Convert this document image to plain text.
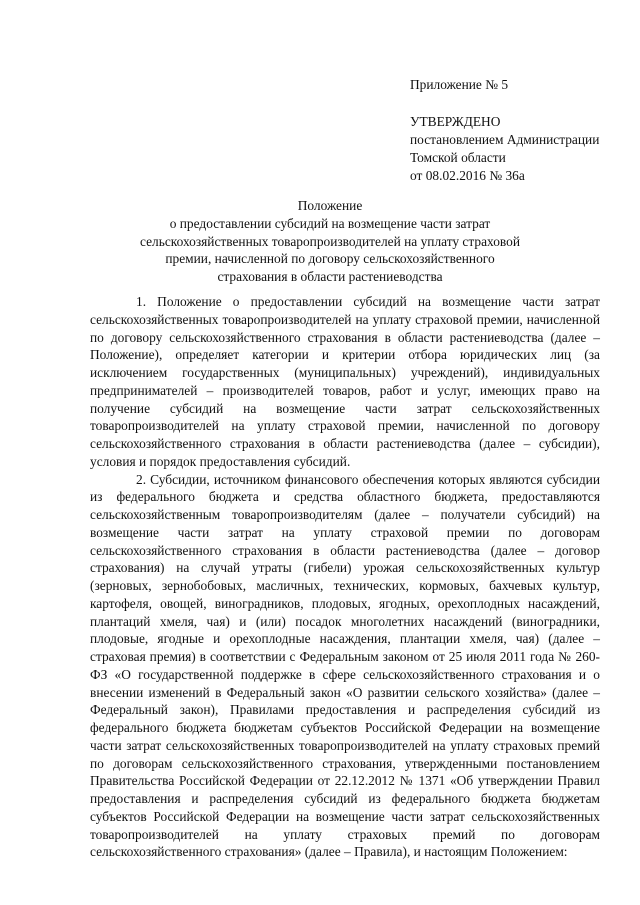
Приложение № 5
УТВЕРЖДЕНО
постановлением Администрации
Томской области
от 08.02.2016 № 36а
Положение
о предоставлении субсидий на возмещение части затрат
сельскохозяйственных товаропроизводителей на уплату страховой
премии, начисленной по договору сельскохозяйственного
страхования в области растениеводства

1. Положение о предоставлении субсидий на возмещение части затрат сельскохозяйственных товаропроизводителей на уплату страховой премии, начисленной по договору сельскохозяйственного страхования в области растениеводства (далее – Положение), определяет категории и критерии отбора юридических лиц (за исключением государственных (муниципальных) учреждений), индивидуальных предпринимателей – производителей товаров, работ и услуг, имеющих право на получение субсидий на возмещение части затрат сельскохозяйственных товаропроизводителей на уплату страховой премии, начисленной по договору сельскохозяйственного страхования в области растениеводства (далее – субсидии), условия и порядок предоставления субсидий.

2. Субсидии, источником финансового обеспечения которых являются субсидии из федерального бюджета и средства областного бюджета, предоставляются сельскохозяйственным товаропроизводителям (далее – получатели субсидий) на возмещение части затрат на уплату страховой премии по договорам сельскохозяйственного страхования в области растениеводства (далее – договор страхования) на случай утраты (гибели) урожая сельскохозяйственных культур (зерновых, зернобобовых, масличных, технических, кормовых, бахчевых культур, картофеля, овощей, винограднико​в, плодовых, ягодных, орехоплодных насаждений, плантаций хмеля, чая) и (или) посадок многолетних насаждений (виноградники, плодовые, ягодные и орехоплодные насаждения, плантации хмеля, чая) (далее – страховая премия) в соответствии с Федеральным законом от 25 июля 2011 года № 260-ФЗ «О государственной поддержке в сфере сельскохозяйственного страхования и о внесении изменений в Федеральный закон «О развитии сельского хозяйства» (далее – Федеральный закон), Правилами предоставления и распределения субсидий из федерального бюджета бюджетам субъектов Российской Федерации на возмещение части затрат сельскохозяйственных товаропроизводителей на уплату страховых премий по договорам сельскохозяйственного страхования, утвержденными постановлением Правительства Российской Федерации от 22.12.2012 № 1371 «Об утверждении Правил предоставления и распределения субсидий из федерального бюджета бюджетам субъектов Российской Федерации на возмещение части затрат сельскохозяйственных товаропроизводителей на уплату страховых премий по договорам сельскохозяйственного страхования» (далее – Правила), и настоящим Положением:
